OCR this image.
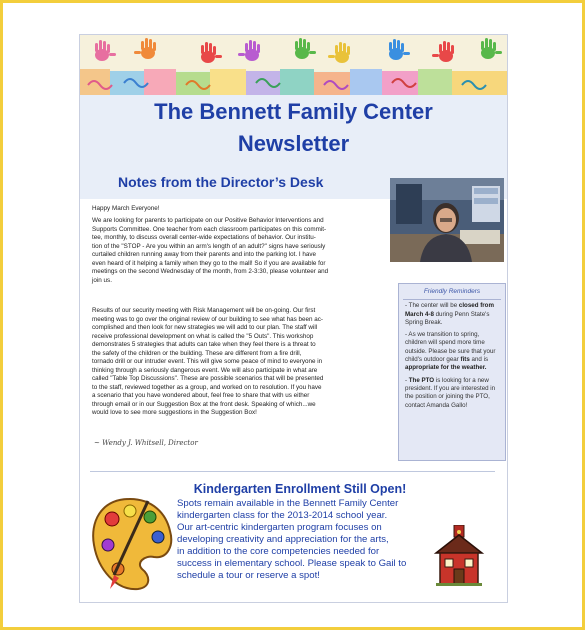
The Bennett Family Center
Newsletter
Notes from the Director’s Desk
Happy March Everyone!

We are looking for parents to participate on our Positive Behavior Interventions and

Supports Committee. One teacher from each classroom participates on this commit-

tee, monthly, to discuss overall center-wide expectations of behavior. Our institu-

tion of the "STOP - Are you within an arm's length of an adult?" signs have seriously

curtailed children running away from their parents and into the parking lot. I have

even heard of it helping a family when they go to the mall! So if you are available for

meetings on the second Wednesday of the month, from 2-3:30, please volunteer and

join us.

Results of our security meeting with Risk Management will be on-going. Our first

meeting was to go over the original review of our building to see what has been ac-

complished and then look for new strategies we will add to our plan. The staff will

receive professional development on what is called the "5 Outs". This workshop

demonstrates 5 strategies that adults can take when they feel there is a threat to

the safety of the children or the building. These are different from a fire drill,

tornado drill or our intruder event. This will give some peace of mind to everyone in

thinking through a seriously dangerous event. We will also participate in what are

called "Table Top Discussions". These are possible scenarios that will be presented

to the staff, reviewed together as a group, and worked on to resolution. If you have

a scenario that you have wondered about, feel free to share that with us either

through email or in our Suggestion Box at the front desk. Speaking of which...we

would love to see more suggestions in the Suggestion Box!

~ Wendy J. Whitsell, Director
Friendly Reminders

- The center will be closed from March 4-8 during Penn State's Spring Break.

- As we transition to spring, children will spend more time outside. Please be sure that your child's outdoor gear fits and is appropriate for the weather.

- The PTO is looking for a new president. If you are interested in the position or joining the PTO, contact Amanda Gallo!

Kindergarten Enrollment Still Open!
Spots remain available in the Bennett Family Center
kindergarten class for the 2013-2014 school year.
Our art-centric kindergarten program focuses on
developing creativity and appreciation for the arts,
in addition to the core competencies needed for
success in elementary school. Please speak to Gail to
schedule a tour or reserve a spot!
